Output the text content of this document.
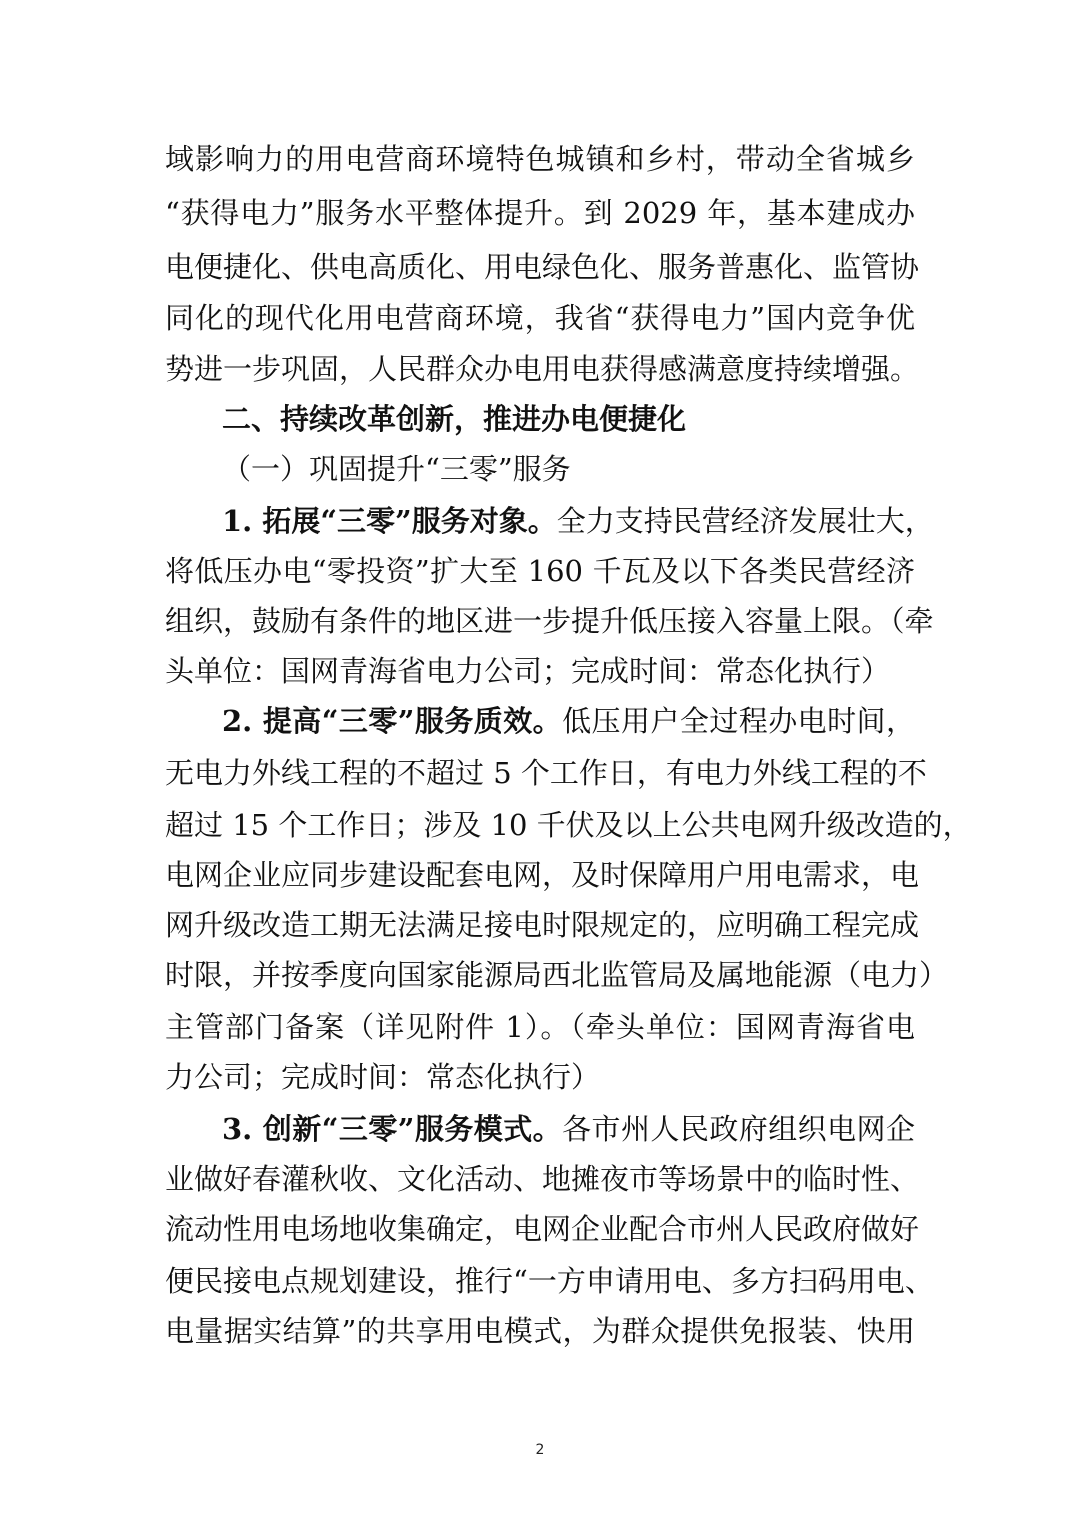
域影响力的用电营商环境特色城镇和乡村，带动全省城乡
“获得电力”服务水平整体提升。到 2029 年，基本建成办
电便捷化、供电高质化、用电绿色化、服务普惠化、监管协
同化的现代化用电营商环境，我省“获得电力”国内竞争优
势进一步巩固，人民群众办电用电获得感满意度持续增强。
二、持续改革创新，推进办电便捷化
（一）巩固提升“三零”服务
1. 拓展“三零”服务对象。全力支持民营经济发展壮大，
将低压办电“零投资”扩大至 160 千瓦及以下各类民营经济
组织，鼓励有条件的地区进一步提升低压接入容量上限。（牵
头单位：国网青海省电力公司；完成时间：常态化执行）
2. 提高“三零”服务质效。低压用户全过程办电时间，
无电力外线工程的不超过 5 个工作日，有电力外线工程的不
超过 15 个工作日；涉及 10 千伏及以上公共电网升级改造的，
电网企业应同步建设配套电网，及时保障用户用电需求，电
网升级改造工期无法满足接电时限规定的，应明确工程完成
时限，并按季度向国家能源局西北监管局及属地能源（电力）
主管部门备案（详见附件 1）。（牵头单位：国网青海省电
力公司；完成时间：常态化执行）
3. 创新“三零”服务模式。各市州人民政府组织电网企
业做好春灌秋收、文化活动、地摊夜市等场景中的临时性、
流动性用电场地收集确定，电网企业配合市州人民政府做好
便民接电点规划建设，推行“一方申请用电、多方扫码用电、
电量据实结算”的共享用电模式，为群众提供免报装、快用
2
